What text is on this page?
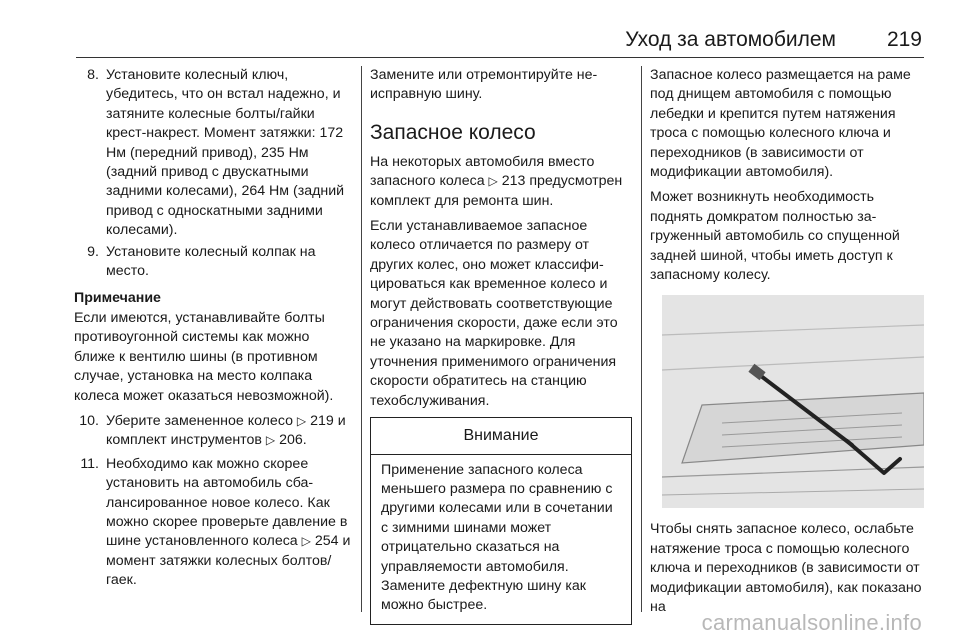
Уход за автомобилем 219
8. Установите колесный ключ, убедитесь, что он встал надежно, и затяните колесные болты/гайки крест-накрест. Момент затяжки: 172 Нм (передний привод), 235 Нм (задний привод с двускатными задними колесами), 264 Нм (задний привод с односкатными задними колесами).
9. Установите колесный колпак на место.
Примечание
Если имеются, устанавливайте болты противоугонной системы как можно ближе к вентилю шины (в противном случае, установка на место колпака колеса может оказаться невозможной).
10. Уберите замененное колесо ▷ 219 и комплект инструментов ▷ 206.
11. Необходимо как можно скорее установить на автомобиль сбалансированное новое колесо. Как можно скорее проверьте давление в шине установленного колеса ▷ 254 и момент затяжки колесных болтов/гаек.
Замените или отремонтируйте неисправную шину.
Запасное колесо
На некоторых автомобиля вместо запасного колеса ▷ 213 предусмотрен комплект для ремонта шин.
Если устанавливаемое запасное колесо отличается по размеру от других колес, оно может классифицироваться как временное колесо и могут действовать соответствующие ограничения скорости, даже если это не указано на маркировке. Для уточнения применимого ограничения скорости обратитесь на станцию техобслуживания.
Внимание
Применение запасного колеса меньшего размера по сравнению с другими колесами или в сочетании с зимними шинами может отрицательно сказаться на управляемости автомобиля. Замените дефектную шину как можно быстрее.
Запасное колесо размещается на раме под днищем автомобиля с помощью лебедки и крепится путем натяжения троса с помощью колесного ключа и переходников (в зависимости от модификации автомобиля).
Может возникнуть необходимость поднять домкратом полностью загруженный автомобиль со спущенной задней шиной, чтобы иметь доступ к запасному колесу.
Чтобы снять запасное колесо, ослабьте натяжение троса с помощью колесного ключа и переходников (в зависимости от модификации автомобиля), как показано на
carmanualsonline.info
